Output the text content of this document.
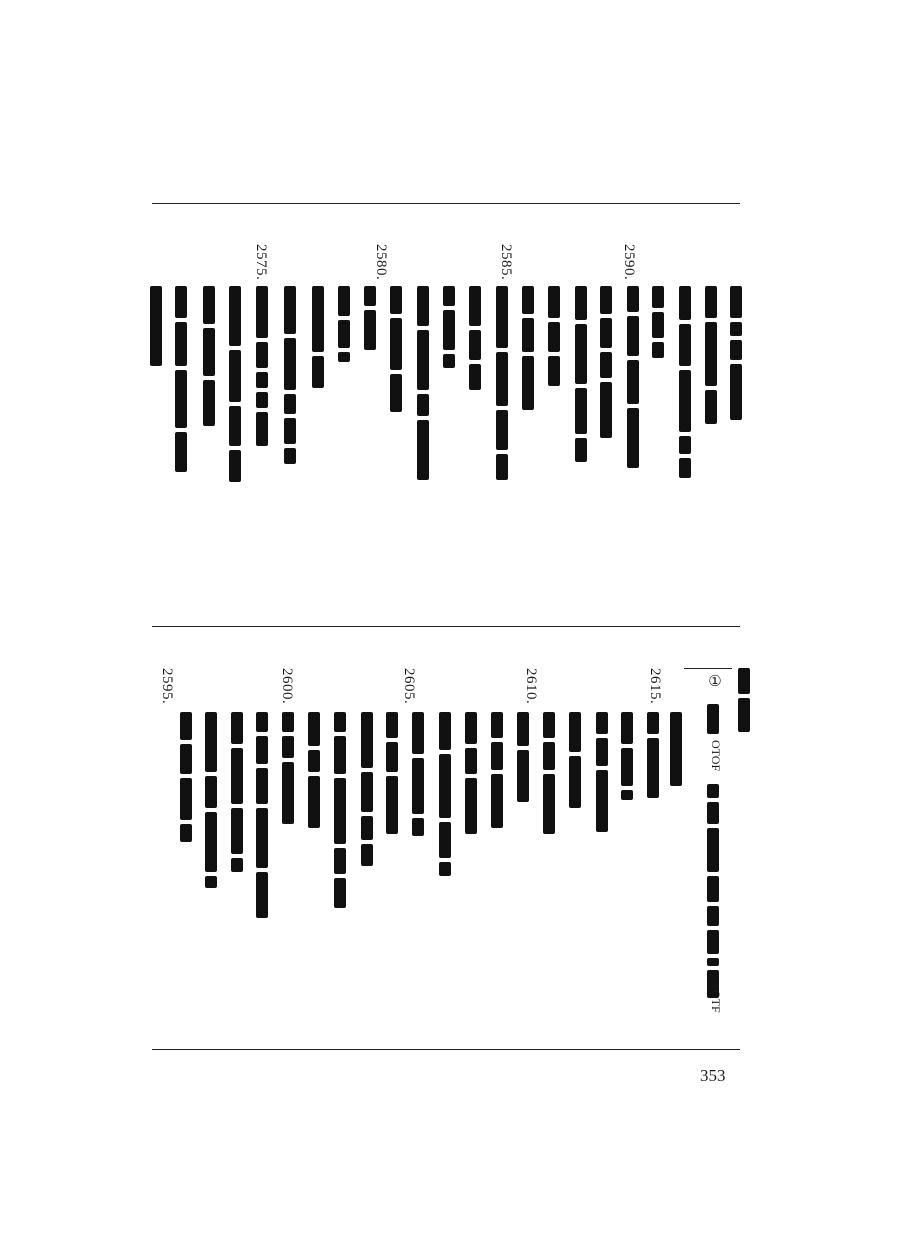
2575.	2580.	2585.	2590.
2595.	2600.	2605.	2610.	2615.	①
OTOF
OTF
353
